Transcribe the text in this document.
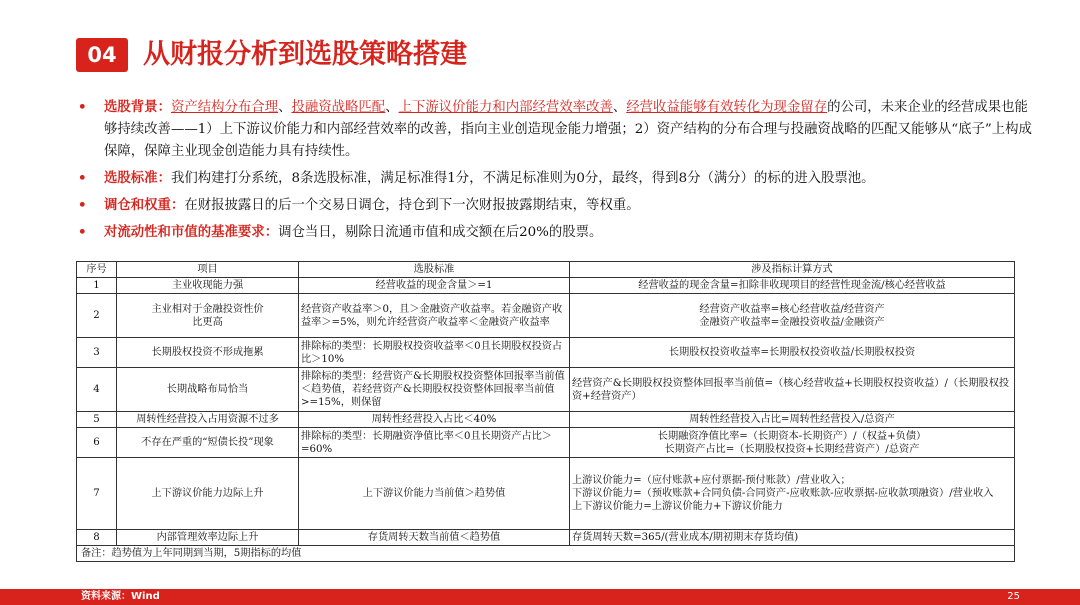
04 从财报分析到选股策略搭建
• 选股背景：资产结构分布合理、投融资战略匹配、上下游议价能力和内部经营效率改善、经营收益能够有效转化为现金留存的公司，未来企业的经营成果也能够持续改善——1）上下游议价能力和内部经营效率的改善，指向主业创造现金能力增强；2）资产结构的分布合理与投融资战略的匹配又能够从“底子”上构成保障，保障主业现金创造能力具有持续性。
• 选股标准：我们构建打分系统，8条选股标准，满足标准得1分，不满足标准则为0分，最终，得到8分（满分）的标的进入股票池。
• 调仓和权重：在财报披露日的后一个交易日调仓，持仓到下一次财报披露期结束，等权重。
• 对流动性和市值的基准要求：调仓当日，剔除日流通市值和成交额在后20%的股票。
序号	项目	选股标准	涉及指标计算方式
1	主业收现能力强	经营收益的现金含量＞=1	经营收益的现金含量=扣除非收现项目的经营性现金流/核心经营收益
2	主业相对于金融投资性价比更高	经营资产收益率＞0，且＞金融资产收益率。若金融资产收益率＞=5%，则允许经营资产收益率＜金融资产收益率	经营资产收益率=核心经营收益/经营资产
金融资产收益率=金融投资收益/金融资产
3	长期股权投资不形成拖累	排除标的类型：长期股权投资收益率＜0且长期股权投资占比＞10%	长期股权投资收益率=长期股权投资收益/长期股权投资
4	长期战略布局恰当	排除标的类型：经营资产&长期股权投资整体回报率当前值＜趋势值，若经营资产&长期股权投资整体回报率当前值>=15%，则保留	经营资产&长期股权投资整体回报率当前值=（核心经营收益+长期股权投资收益）/（长期股权投资+经营资产）
5	周转性经营投入占用资源不过多	周转性经营投入占比＜40%	周转性经营投入占比=周转性经营投入/总资产
6	不存在严重的“短债长投”现象	排除标的类型：长期融资净值比率＜0且长期资产占比＞=60%	长期融资净值比率=（长期资本-长期资产）/（权益+负债）
长期资产占比=（长期股权投资+长期经营资产）/总资产
7	上下游议价能力边际上升	上下游议价能力当前值＞趋势值	上游议价能力=（应付账款+应付票据-预付账款）/营业收入；
下游议价能力=（预收账款+合同负债-合同资产-应收账款-应收票据-应收款项融资）/营业收入
上下游议价能力=上游议价能力+下游议价能力
8	内部管理效率边际上升	存货周转天数当前值＜趋势值	存货周转天数=365/(营业成本/期初期末存货均值)
备注：趋势值为上年同期到当期，5期指标的均值			
资料来源：Wind	25
